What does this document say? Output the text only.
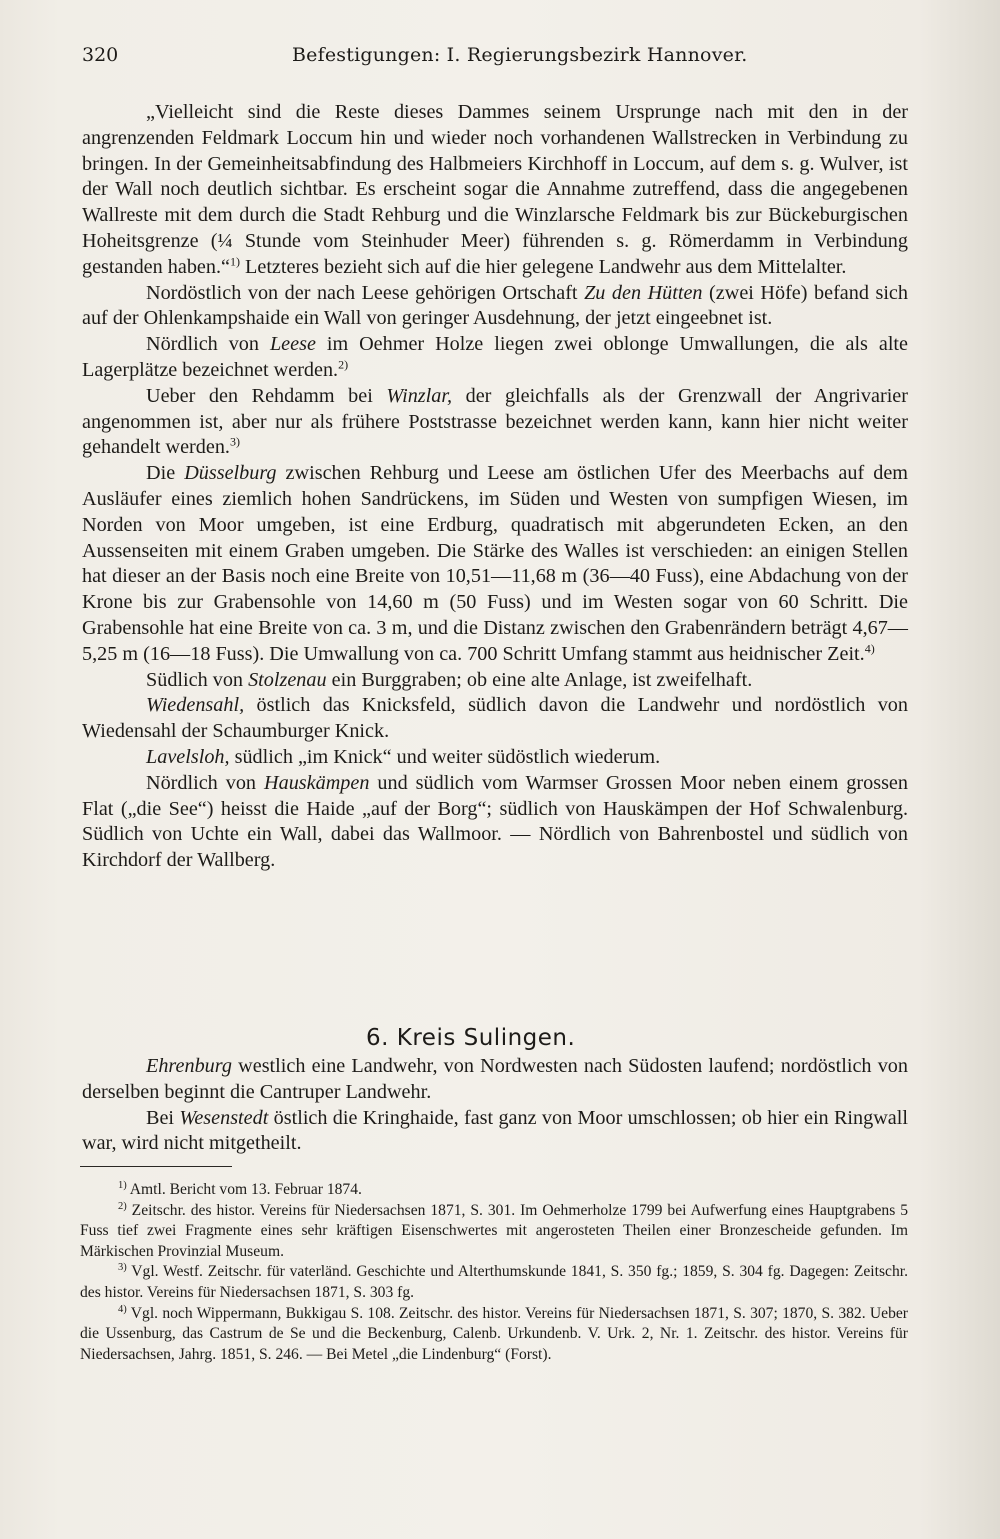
320	Befestigungen: I. Regierungsbezirk Hannover.

„Vielleicht sind die Reste dieses Dammes seinem Ursprunge nach mit den in der angrenzenden Feldmark Loccum hin und wieder noch vorhandenen Wallstrecken in Verbindung zu bringen. In der Gemeinheitsabfindung des Halbmeiers Kirchhoff in Loccum, auf dem s. g. Wulver, ist der Wall noch deutlich sichtbar. Es erscheint sogar die Annahme zutreffend, dass die angegebenen Wallreste mit dem durch die Stadt Rehburg und die Winzlarsche Feldmark bis zur Bückeburgischen Hoheitsgrenze (¼ Stunde vom Steinhuder Meer) führenden s. g. Römerdamm in Verbindung gestanden haben.“$^{1)}$ Letzteres bezieht sich auf die hier gelegene Landwehr aus dem Mittelalter.

Nordöstlich von der nach Leese gehörigen Ortschaft Zu den Hütten (zwei Höfe) befand sich auf der Ohlenkampshaide ein Wall von geringer Ausdehnung, der jetzt eingeebnet ist.

Nördlich von Leese im Oehmer Holze liegen zwei oblonge Umwallungen, die als alte Lagerplätze bezeichnet werden.$^{2)}$

Ueber den Rehdamm bei Winzlar, der gleichfalls als der Grenzwall der Angrivarier angenommen ist, aber nur als frühere Poststrasse bezeichnet werden kann, kann hier nicht weiter gehandelt werden.$^{3)}$

Die Düsselburg zwischen Rehburg und Leese am östlichen Ufer des Meerbachs auf dem Ausläufer eines ziemlich hohen Sandrückens, im Süden und Westen von sumpfigen Wiesen, im Norden von Moor umgeben, ist eine Erdburg, quadratisch mit abgerundeten Ecken, an den Aussenseiten mit einem Graben umgeben. Die Stärke des Walles ist verschieden: an einigen Stellen hat dieser an der Basis noch eine Breite von 10,51—11,68 m (36—40 Fuss), eine Abdachung von der Krone bis zur Grabensohle von 14,60 m (50 Fuss) und im Westen sogar von 60 Schritt. Die Grabensohle hat eine Breite von ca. 3 m, und die Distanz zwischen den Grabenrändern beträgt 4,67—5,25 m (16—18 Fuss). Die Umwallung von ca. 700 Schritt Umfang stammt aus heidnischer Zeit.$^{4)}$

Südlich von Stolzenau ein Burggraben; ob eine alte Anlage, ist zweifelhaft.

Wiedensahl, östlich das Knicksfeld, südlich davon die Landwehr und nordöstlich von Wiedensahl der Schaumburger Knick.

Lavelsloh, südlich „im Knick“ und weiter südöstlich wiederum.

Nördlich von Hauskämpen und südlich vom Warmser Grossen Moor neben einem grossen Flat („die See“) heisst die Haide „auf der Borg“; südlich von Hauskämpen der Hof Schwalenburg. Südlich von Uchte ein Wall, dabei das Wallmoor. — Nördlich von Bahrenbostel und südlich von Kirchdorf der Wallberg.

6. Kreis Sulingen.

Ehrenburg westlich eine Landwehr, von Nordwesten nach Südosten laufend; nordöstlich von derselben beginnt die Cantruper Landwehr.

Bei Wesenstedt östlich die Kringhaide, fast ganz von Moor umschlossen; ob hier ein Ringwall war, wird nicht mitgetheilt.

$^{1)}$ Amtl. Bericht vom 13. Februar 1874.

$^{2)}$ Zeitschr. des histor. Vereins für Niedersachsen 1871, S. 301. Im Oehmerholze 1799 bei Aufwerfung eines Hauptgrabens 5 Fuss tief zwei Fragmente eines sehr kräftigen Eisenschwertes mit angerosteten Theilen einer Bronzescheide gefunden. Im Märkischen Provinzial Museum.

$^{3)}$ Vgl. Westf. Zeitschr. für vaterländ. Geschichte und Alterthumskunde 1841, S. 350 fg.; 1859, S. 304 fg. Dagegen: Zeitschr. des histor. Vereins für Niedersachsen 1871, S. 303 fg.

$^{4)}$ Vgl. noch Wippermann, Bukkigau S. 108. Zeitschr. des histor. Vereins für Niedersachsen 1871, S. 307; 1870, S. 382. Ueber die Ussenburg, das Castrum de Se und die Beckenburg, Calenb. Urkundenb. V. Urk. 2, Nr. 1. Zeitschr. des histor. Vereins für Niedersachsen, Jahrg. 1851, S. 246. — Bei Metel „die Lindenburg“ (Forst).
